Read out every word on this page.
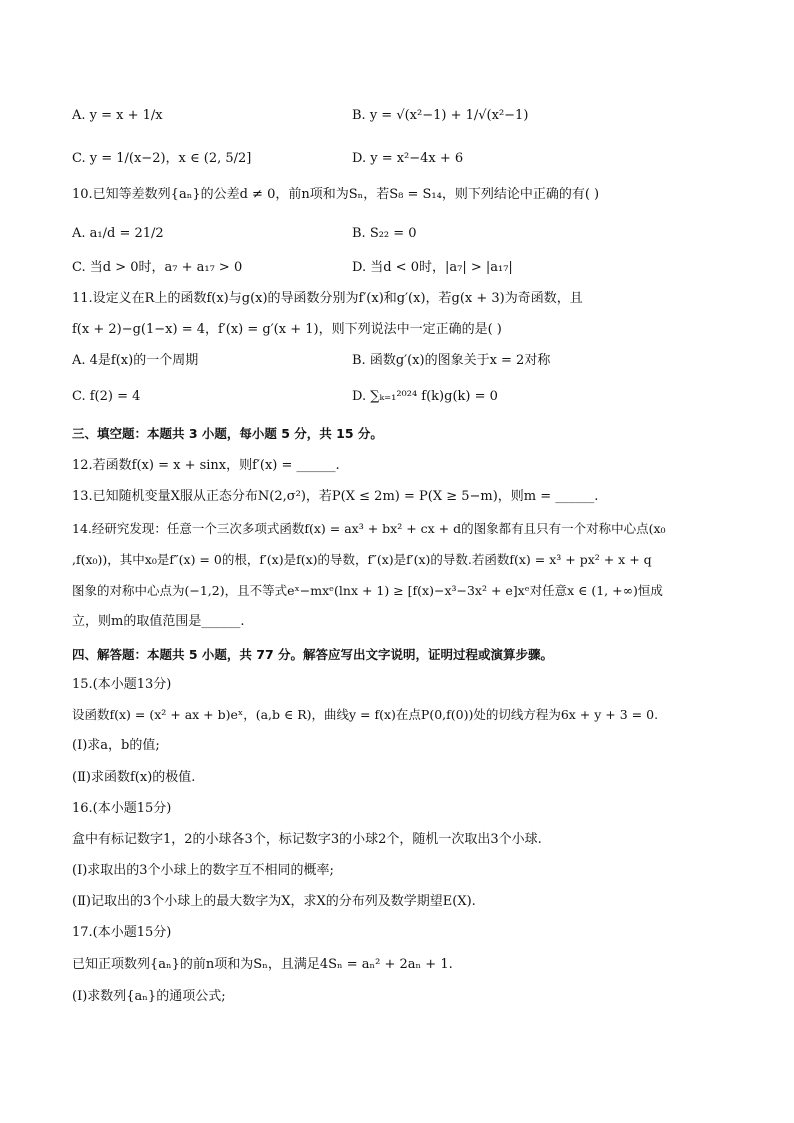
A. y = x + 1/x	B. y = √(x²−1) + 1/√(x²−1)
C. y = 1/(x−2)，x ∈ (2, 5/2]	D. y = x²−4x + 6
10.已知等差数列{aₙ}的公差d ≠ 0，前n项和为Sₙ，若S₈ = S₁₄，则下列结论中正确的有( )
A. a₁/d = 21/2	B. S₂₂ = 0
C. 当d > 0时，a₇ + a₁₇ > 0	D. 当d < 0时，|a₇| > |a₁₇|
11.设定义在R上的函数f(x)与g(x)的导函数分别为f′(x)和g′(x)，若g(x + 3)为奇函数，且
f(x + 2)−g(1−x) = 4，f′(x) = g′(x + 1)，则下列说法中一定正确的是( )
A. 4是f(x)的一个周期	B. 函数g′(x)的图象关于x = 2对称
C. f(2) = 4	D. ∑ₖ₌₁²⁰²⁴ f(k)g(k) = 0
三、填空题：本题共 3 小题，每小题 5 分，共 15 分。
12.若函数f(x) = x + sinx，则f′(x) = ______.
13.已知随机变量X服从正态分布N(2,σ²)，若P(X ≤ 2m) = P(X ≥ 5−m)，则m = ______.
14.经研究发现：任意一个三次多项式函数f(x) = ax³ + bx² + cx + d的图象都有且只有一个对称中心点(x₀
,f(x₀))，其中x₀是f″(x) = 0的根，f′(x)是f(x)的导数，f″(x)是f′(x)的导数.若函数f(x) = x³ + px² + x + q
图象的对称中心点为(−1,2)，且不等式eˣ−mxᵉ(lnx + 1) ≥ [f(x)−x³−3x² + e]xᵉ对任意x ∈ (1, +∞)恒成
立，则m的取值范围是______.
四、解答题：本题共 5 小题，共 77 分。解答应写出文字说明，证明过程或演算步骤。
15.(本小题13分)
设函数f(x) = (x² + ax + b)eˣ，(a,b ∈ R)，曲线y = f(x)在点P(0,f(0))处的切线方程为6x + y + 3 = 0.
(Ⅰ)求a，b的值;
(Ⅱ)求函数f(x)的极值.
16.(本小题15分)
盒中有标记数字1，2的小球各3个，标记数字3的小球2个，随机一次取出3个小球.
(Ⅰ)求取出的3个小球上的数字互不相同的概率;
(Ⅱ)记取出的3个小球上的最大数字为X，求X的分布列及数学期望E(X).
17.(本小题15分)
已知正项数列{aₙ}的前n项和为Sₙ，且满足4Sₙ = aₙ² + 2aₙ + 1.
(Ⅰ)求数列{aₙ}的通项公式;
